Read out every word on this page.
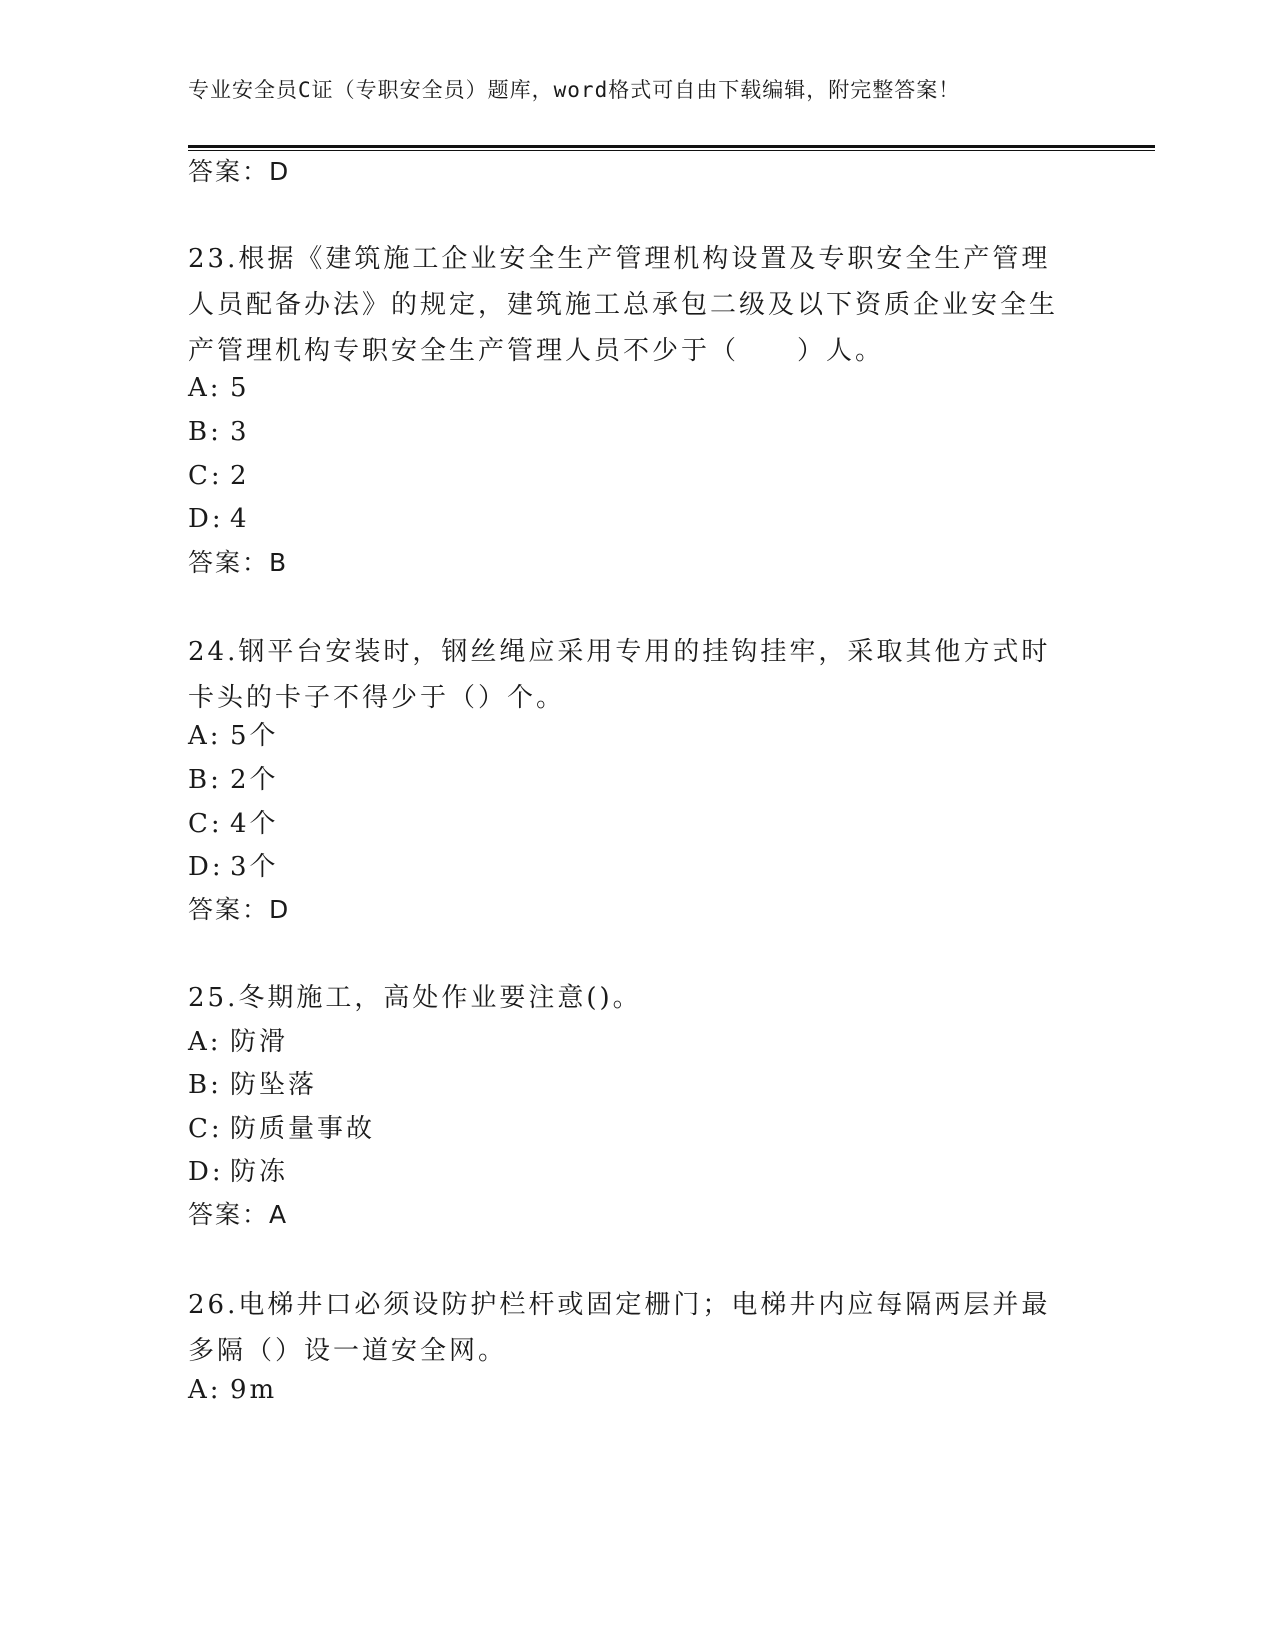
专业安全员C证（专职安全员）题库，word格式可自由下载编辑，附完整答案！
答案：D
23.根据《建筑施工企业安全生产管理机构设置及专职安全生产管理人员配备办法》的规定，建筑施工总承包二级及以下资质企业安全生产管理机构专职安全生产管理人员不少于（　　）人。
A: 5
B: 3
C: 2
D: 4
答案：B
24.钢平台安装时，钢丝绳应采用专用的挂钩挂牢，采取其他方式时卡头的卡子不得少于（）个。
A: 5个
B: 2个
C: 4个
D: 3个
答案：D
25.冬期施工，高处作业要注意()。
A: 防滑
B: 防坠落
C: 防质量事故
D: 防冻
答案：A
26.电梯井口必须设防护栏杆或固定栅门；电梯井内应每隔两层并最多隔（）设一道安全网。
A: 9m
